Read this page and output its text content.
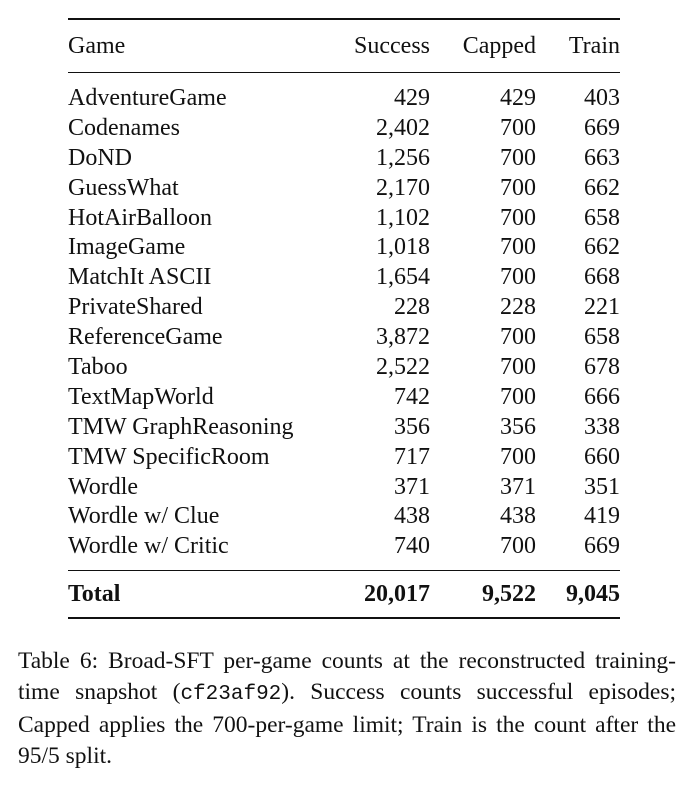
Game	Success	Capped	Train
AdventureGame	429	429	403
Codenames	2,402	700	669
DoND	1,256	700	663
GuessWhat	2,170	700	662
HotAirBalloon	1,102	700	658
ImageGame	1,018	700	662
MatchIt ASCII	1,654	700	668
PrivateShared	228	228	221
ReferenceGame	3,872	700	658
Taboo	2,522	700	678
TextMapWorld	742	700	666
TMW GraphReasoning	356	356	338
TMW SpecificRoom	717	700	660
Wordle	371	371	351
Wordle w/ Clue	438	438	419
Wordle w/ Critic	740	700	669
Total	20,017	9,522	9,045

Table 6: Broad-SFT per-game counts at the reconstructed training-time snapshot (cf23af92). Success counts successful episodes; Capped applies the 700-per-game limit; Train is the count after the 95/5 split.
